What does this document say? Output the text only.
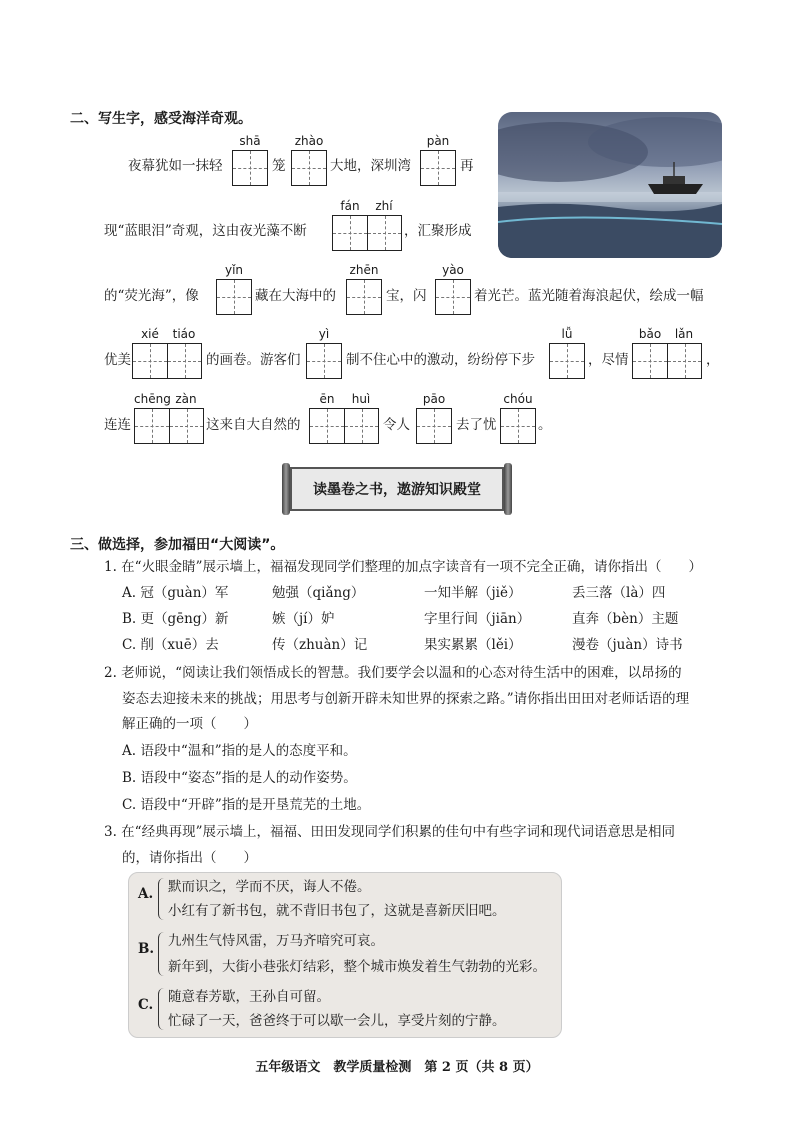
二、写生字，感受海洋奇观。
夜幕犹如一抹轻
shā
笼
zhào
大地，深圳湾
pàn
再
现“蓝眼泪”奇观，这由夜光藻不断
fán	zhí
，汇聚形成
的“荧光海”，像
yǐn
藏在大海中的
zhēn
宝，闪
yào
着光芒。蓝光随着海浪起伏，绘成一幅
优美
xié	tiáo
的画卷。游客们
yì
制不住心中的激动，纷纷停下步
lǚ
，尽情
bǎo	lǎn
，
连连
chēng zàn
这来自大自然的
ēn	huì
令人
pāo
去了忧
chóu
。
读墨卷之书，遨游知识殿堂
三、做选择，参加福田“大阅读”。
1. 在“火眼金睛”展示墙上，福福发现同学们整理的加点字读音有一项不完全正确，请你指出（　　）
A. 冠（guàn）军	勉强（qiǎng）	一知半解（jiě）	丢三落（là）四
B. 更（gēng）新	嫉（jí）妒	字里行间（jiān）	直奔（bèn）主题
C. 削（xuē）去	传（zhuàn）记	果实累累（lěi）	漫卷（juàn）诗书
2. 老师说，“阅读让我们领悟成长的智慧。我们要学会以温和的心态对待生活中的困难，以昂扬的
姿态去迎接未来的挑战；用思考与创新开辟未知世界的探索之路。”请你指出田田对老师话语的理
解正确的一项（　　）
A. 语段中“温和”指的是人的态度平和。
B. 语段中“姿态”指的是人的动作姿势。
C. 语段中“开辟”指的是开垦荒芜的土地。
3. 在“经典再现”展示墙上，福福、田田发现同学们积累的佳句中有些字词和现代词语意思是相同
的，请你指出（　　）
A. 默而识之，学而不厌，诲人不倦。
小红有了新书包，就不背旧书包了，这就是喜新厌旧吧。
B. 九州生气恃风雷，万马齐喑究可哀。
新年到，大街小巷张灯结彩，整个城市焕发着生气勃勃的光彩。
C. 随意春芳歇，王孙自可留。
忙碌了一天，爸爸终于可以歇一会儿，享受片刻的宁静。
五年级语文　教学质量检测　第 2 页（共 8 页）
